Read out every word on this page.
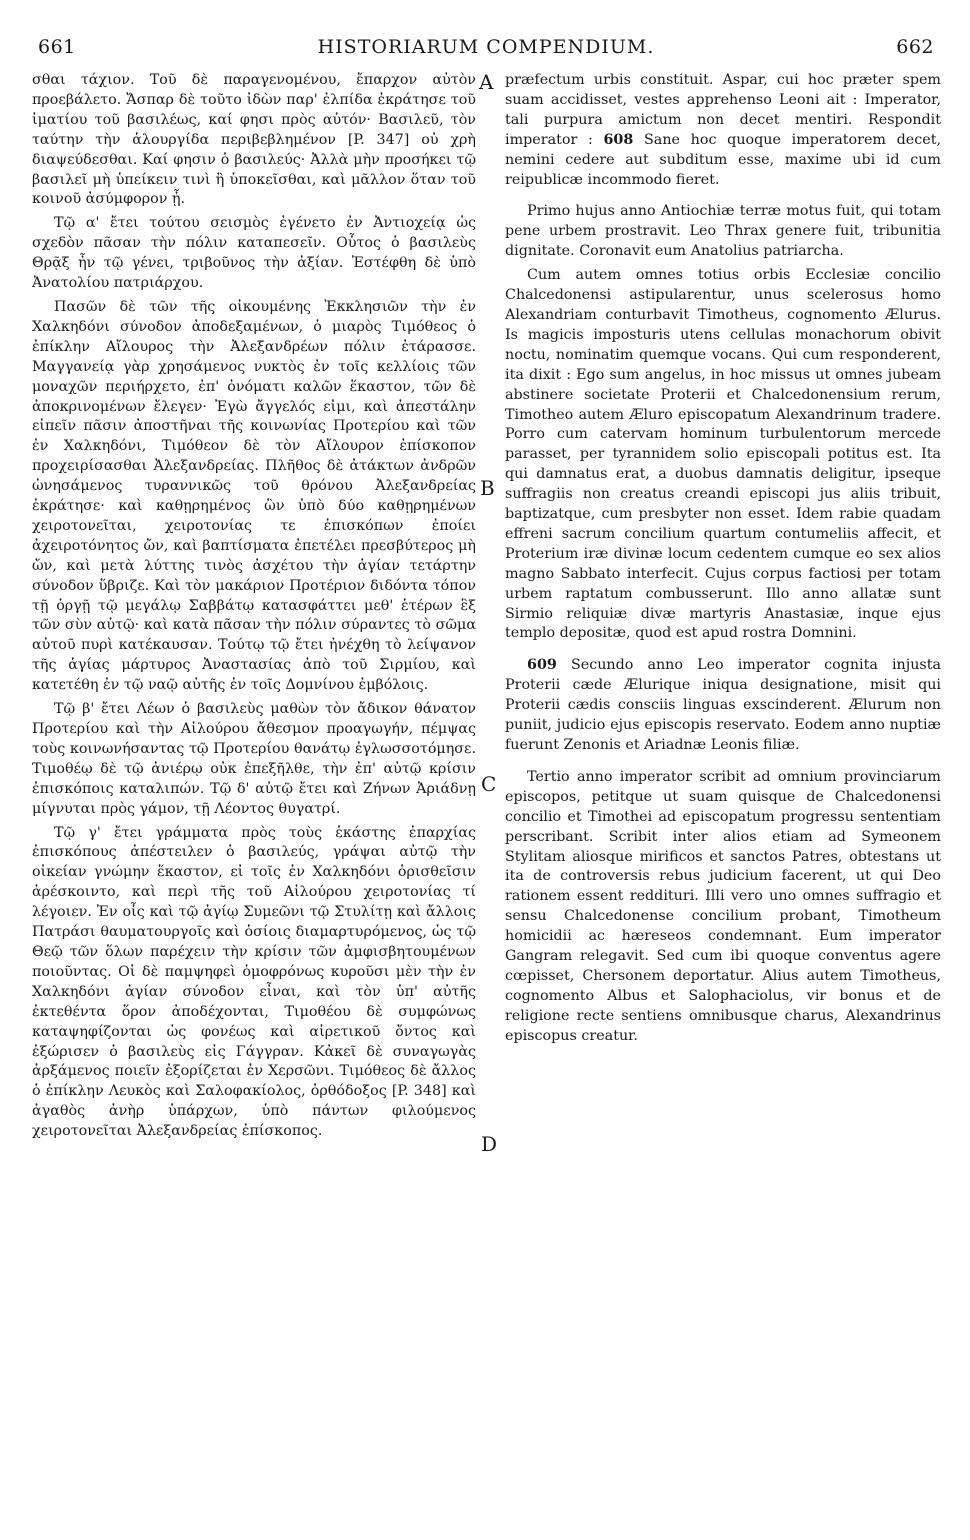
661	HISTORIARUM COMPENDIUM.	662

σθαι τάχιον. Τοῦ δὲ παραγενομένου, ἔπαρχον αὐτὸν προεβάλετο. Ἄσπαρ δὲ τοῦτο ἰδὼν παρ' ἐλπίδα ἐκράτησε τοῦ ἱματίου τοῦ βασιλέως, καί φησι πρὸς αὐτόν· Βασιλεῦ, τὸν ταύτην τὴν ἁλουργίδα περιβεβλημένον [P. 347] οὐ χρὴ διαψεύδεσθαι. Καί φησιν ὁ βασιλεύς· Ἀλλὰ μὴν προσήκει τῷ βασιλεῖ μὴ ὑπείκειν τινὶ ἢ ὑποκεῖσθαι, καὶ μᾶλλον ὅταν τοῦ κοινοῦ ἀσύμφορον ᾖ.

Τῷ α' ἔτει τούτου σεισμὸς ἐγένετο ἐν Ἀντιοχείᾳ ὡς σχεδὸν πᾶσαν τὴν πόλιν καταπεσεῖν. Οὗτος ὁ βασιλεὺς Θρᾷξ ἦν τῷ γένει, τριβοῦνος τὴν ἀξίαν. Ἐστέφθη δὲ ὑπὸ Ἀνατολίου πατριάρχου.

Πασῶν δὲ τῶν τῆς οἰκουμένης Ἐκκλησιῶν τὴν ἐν Χαλκηδόνι σύνοδον ἀποδεξαμένων, ὁ μιαρὸς Τιμόθεος ὁ ἐπίκλην Αἴλουρος τὴν Ἀλεξανδρέων πόλιν ἐτάρασσε. Μαγγανείᾳ γὰρ χρησάμενος νυκτὸς ἐν τοῖς κελλίοις τῶν μοναχῶν περιήρχετο, ἐπ' ὀνόματι καλῶν ἕκαστον, τῶν δὲ ἀποκρινομένων ἔλεγεν· Ἐγὼ ἄγγελός εἰμι, καὶ ἀπεστάλην εἰπεῖν πᾶσιν ἀποστῆναι τῆς κοινωνίας Προτερίου καὶ τῶν ἐν Χαλκηδόνι, Τιμόθεον δὲ τὸν Αἴλουρον ἐπίσκοπον προχειρίσασθαι Ἀλεξανδρείας. Πλῆθος δὲ ἀτάκτων ἀνδρῶν ὠνησάμενος τυραννικῶς τοῦ θρόνου Ἀλεξανδρείας ἐκράτησε· καὶ καθῃρημένος ὢν ὑπὸ δύο καθῃρημένων χειροτονεῖται, χειροτονίας τε ἐπισκόπων ἐποίει ἀχειροτόνητος ὤν, καὶ βαπτίσματα ἐπετέλει πρεσβύτερος μὴ ὤν, καὶ μετὰ λύττης τινὸς ἀσχέτου τὴν ἁγίαν τετάρτην σύνοδον ὕβριζε. Καὶ τὸν μακάριον Προτέριον διδόντα τόπον τῇ ὀργῇ τῷ μεγάλῳ Σαββάτῳ κατασφάττει μεθ' ἑτέρων ἓξ τῶν σὺν αὐτῷ· καὶ κατὰ πᾶσαν τὴν πόλιν σύραντες τὸ σῶμα αὐτοῦ πυρὶ κατέκαυσαν. Τούτῳ τῷ ἔτει ἠνέχθη τὸ λείψανον τῆς ἁγίας μάρτυρος Ἀναστασίας ἀπὸ τοῦ Σιρμίου, καὶ κατετέθη ἐν τῷ ναῷ αὐτῆς ἐν τοῖς Δομνίνου ἐμβόλοις.

Τῷ β' ἔτει Λέων ὁ βασιλεὺς μαθὼν τὸν ἄδικον θάνατον Προτερίου καὶ τὴν Αἰλούρου ἄθεσμον προαγωγήν, πέμψας τοὺς κοινωνήσαντας τῷ Προτερίου θανάτῳ ἐγλωσσοτόμησε. Τιμοθέῳ δὲ τῷ ἀνιέρῳ οὐκ ἐπεξῆλθε, τὴν ἐπ' αὐτῷ κρίσιν ἐπισκόποις καταλιπών. Τῷ δ' αὐτῷ ἔτει καὶ Ζήνων Ἀριάδνῃ μίγνυται πρὸς γάμον, τῇ Λέοντος θυγατρί.

Τῷ γ' ἔτει γράμματα πρὸς τοὺς ἑκάστης ἐπαρχίας ἐπισκόπους ἀπέστειλεν ὁ βασιλεύς, γράψαι αὐτῷ τὴν οἰκείαν γνώμην ἕκαστον, εἰ τοῖς ἐν Χαλκηδόνι ὁρισθεῖσιν ἀρέσκοιντο, καὶ περὶ τῆς τοῦ Αἰλούρου χειροτονίας τί λέγοιεν. Ἐν οἷς καὶ τῷ ἁγίῳ Συμεῶνι τῷ Στυλίτῃ καὶ ἄλλοις Πατράσι θαυματουργοῖς καὶ ὁσίοις διαμαρτυρόμενος, ὡς τῷ Θεῷ τῶν ὅλων παρέχειν τὴν κρίσιν τῶν ἀμφισβητουμένων ποιοῦντας. Οἱ δὲ παμψηφεὶ ὁμοφρόνως κυροῦσι μὲν τὴν ἐν Χαλκηδόνι ἁγίαν σύνοδον εἶναι, καὶ τὸν ὑπ' αὐτῆς ἐκτεθέντα ὅρον ἀποδέχονται, Τιμοθέου δὲ συμφώνως καταψηφίζονται ὡς φονέως καὶ αἱρετικοῦ ὄντος καὶ ἐξώρισεν ὁ βασιλεὺς εἰς Γάγγραν. Κἀκεῖ δὲ συναγωγὰς ἀρξάμενος ποιεῖν ἐξορίζεται ἐν Χερσῶνι. Τιμόθεος δὲ ἄλλος ὁ ἐπίκλην Λευκὸς καὶ Σαλοφακίολος, ὀρθόδοξος [P. 348] καὶ ἀγαθὸς ἀνὴρ ὑπάρχων, ὑπὸ πάντων φιλούμενος χειροτονεῖται Ἀλεξανδρείας ἐπίσκοπος.

A
B
C
D

præfectum urbis constituit. Aspar, cui hoc præter spem suam accidisset, vestes apprehenso Leoni ait : Imperator, tali purpura amictum non decet mentiri. Respondit imperator : 608 Sane hoc quoque imperatorem decet, nemini cedere aut subditum esse, maxime ubi id cum reipublicæ incommodo fieret.

Primo hujus anno Antiochiæ terræ motus fuit, qui totam pene urbem prostravit. Leo Thrax genere fuit, tribunitia dignitate. Coronavit eum Anatolius patriarcha.

Cum autem omnes totius orbis Ecclesiæ concilio Chalcedonensi astipularentur, unus scelerosus homo Alexandriam conturbavit Timotheus, cognomento Ælurus. Is magicis imposturis utens cellulas monachorum obivit noctu, nominatim quemque vocans. Qui cum responderent, ita dixit : Ego sum angelus, in hoc missus ut omnes jubeam abstinere societate Proterii et Chalcedonensium rerum, Timotheo autem Æluro episcopatum Alexandrinum tradere. Porro cum catervam hominum turbulentorum mercede parasset, per tyrannidem solio episcopali potitus est. Ita qui damnatus erat, a duobus damnatis deligitur, ipseque suffragiis non creatus creandi episcopi jus aliis tribuit, baptizatque, cum presbyter non esset. Idem rabie quadam effreni sacrum concilium quartum contumeliis affecit, et Proterium iræ divinæ locum cedentem cumque eo sex alios magno Sabbato interfecit. Cujus corpus factiosi per totam urbem raptatum combusserunt. Illo anno allatæ sunt Sirmio reliquiæ divæ martyris Anastasiæ, inque ejus templo depositæ, quod est apud rostra Domnini.

609 Secundo anno Leo imperator cognita injusta Proterii cæde Ælurique iniqua designatione, misit qui Proterii cædis consciis linguas exscinderent. Ælurum non puniit, judicio ejus episcopis reservato. Eodem anno nuptiæ fuerunt Zenonis et Ariadnæ Leonis filiæ.

Tertio anno imperator scribit ad omnium provinciarum episcopos, petitque ut suam quisque de Chalcedonensi concilio et Timothei ad episcopatum progressu sententiam perscribant. Scribit inter alios etiam ad Symeonem Stylitam aliosque mirificos et sanctos Patres, obtestans ut ita de controversis rebus judicium facerent, ut qui Deo rationem essent reddituri. Illi vero uno omnes suffragio et sensu Chalcedonense concilium probant, Timotheum homicidii ac hæreseos condemnant. Eum imperator Gangram relegavit. Sed cum ibi quoque conventus agere cœpisset, Chersonem deportatur. Alius autem Timotheus, cognomento Albus et Salophaciolus, vir bonus et de religione recte sentiens omnibusque charus, Alexandrinus episcopus creatur.
